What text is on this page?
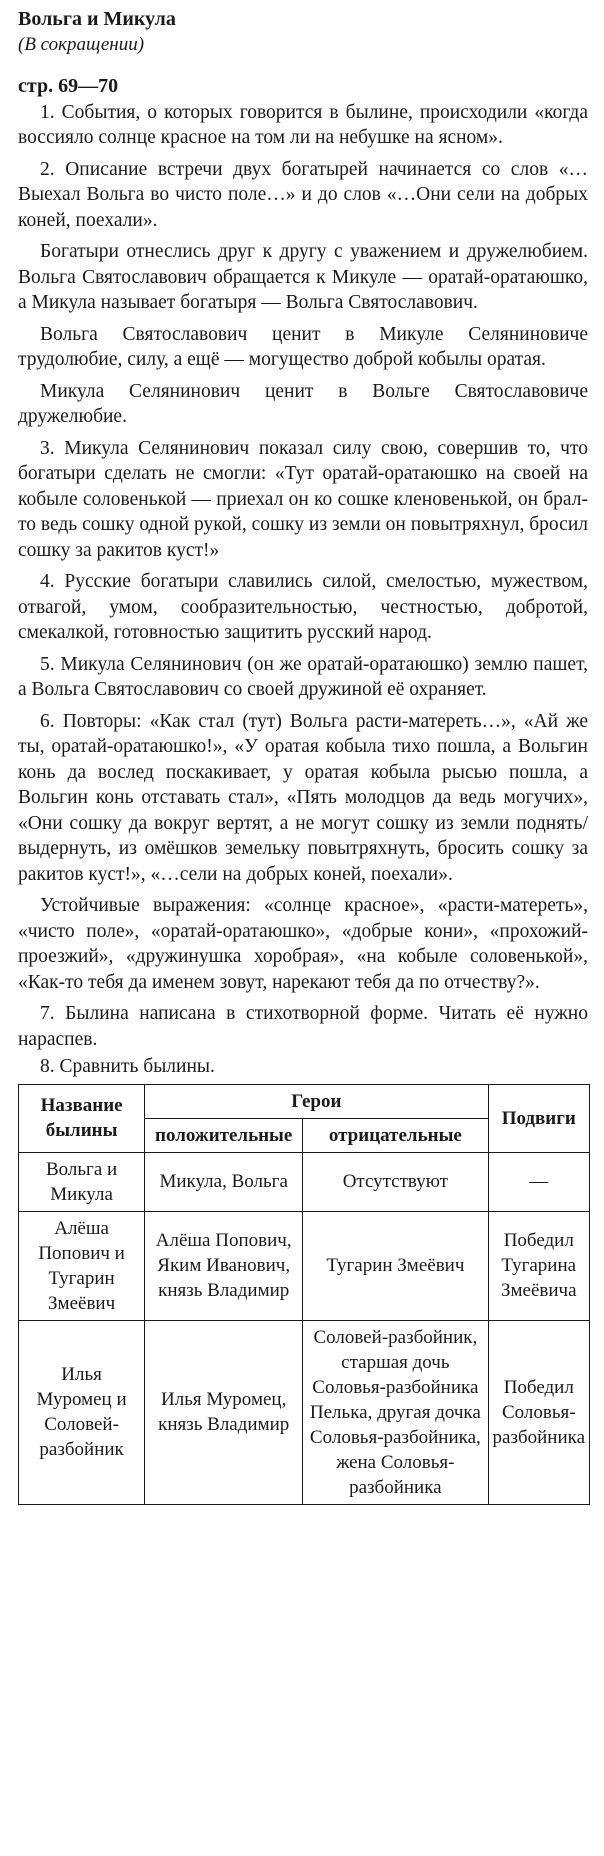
Вольга и Микула
(В сокращении)
стр. 69—70

1. События, о которых говорится в былине, происходили «когда воссияло солнце красное на том ли на небушке на ясном».

2. Описание встречи двух богатырей начинается со слов «…Выехал Вольга во чисто поле…» и до слов «…Они сели на добрых коней, поехали».

Богатыри отнеслись друг к другу с уважением и дружелюбием. Вольга Святославович обращается к Микуле — оратай-оратаюшко, а Микула называет богатыря — Вольга Святославович.

Вольга Святославович ценит в Микуле Селяниновиче трудолюбие, силу, а ещё — могущество доброй кобылы оратая.

Микула Селянинович ценит в Вольге Святославовиче дружелюбие.

3. Микула Селянинович показал силу свою, совершив то, что богатыри сделать не смогли: «Тут оратай-оратаюшко на своей на кобыле соловенькой — приехал он ко сошке кленовенькой, он брал-то ведь сошку одной рукой, сошку из земли он повытряхнул, бросил сошку за ракитов куст!»

4. Русские богатыри славились силой, смелостью, мужеством, отвагой, умом, сообразительностью, честностью, добротой, смекалкой, готовностью защитить русский народ.

5. Микула Селянинович (он же оратай-оратаюшко) землю пашет, а Вольга Святославович со своей дружиной её охраняет.

6. Повторы: «Как стал (тут) Вольга расти-матереть…», «Ай же ты, оратай-оратаюшко!», «У оратая кобыла тихо пошла, а Вольгин конь да вослед поскакивает, у оратая кобыла рысью пошла, а Вольгин конь отставать стал», «Пять молодцов да ведь могучих», «Они сошку да вокруг вертят, а не могут сошку из земли поднять/выдернуть, из омёшков земельку повытряхнуть, бросить сошку за ракитов куст!», «…сели на добрых коней, поехали».

Устойчивые выражения: «солнце красное», «расти-матереть», «чисто поле», «оратай-оратаюшко», «добрые кони», «прохожий-проезжий», «дружинушка хоробрая», «на кобыле соловенькой», «Как-то тебя да именем зовут, нарекают тебя да по отчеству?».

7. Былина написана в стихотворной форме. Читать её нужно нараспев.

8. Сравнить былины.

Название былины	Герои		Подвиги
	положительные	отрицательные	
Вольга и Микула	Микула, Вольга	Отсутствуют	—
Алёша Попович и Тугарин Змеёвич	Алёша Попович, Яким Иванович, князь Владимир	Тугарин Змеёвич	Победил Тугарина Змеёвича
Илья Муромец и Соловей-разбойник	Илья Муромец, князь Владимир	Соловей-разбойник, старшая дочь Соловья-разбойника Пелька, другая дочка Соловья-разбойника, жена Соловья-разбойника	Победил Соловья-разбойника
